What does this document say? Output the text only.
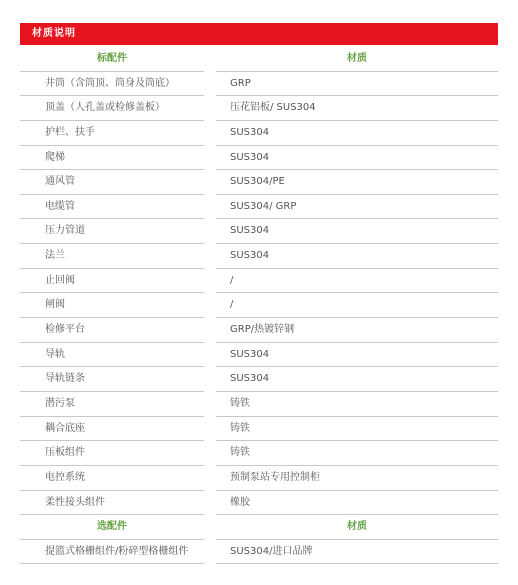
材质说明
标配件	材质
井筒（含筒顶、筒身及筒底）	GRP
顶盖（人孔盖或检修盖板）	压花铝板/ SUS304
护栏、扶手	SUS304
爬梯	SUS304
通风管	SUS304/PE
电缆管	SUS304/ GRP
压力管道	SUS304
法兰	SUS304
止回阀	/
闸阀	/
检修平台	GRP/热镀锌钢
导轨	SUS304
导轨链条	SUS304
潜污泵	铸铁
耦合底座	铸铁
压板组件	铸铁
电控系统	预制泵站专用控制柜
柔性接头组件	橡胶
选配件	材质
提篮式格栅组件/粉碎型格栅组件	SUS304/进口品牌
